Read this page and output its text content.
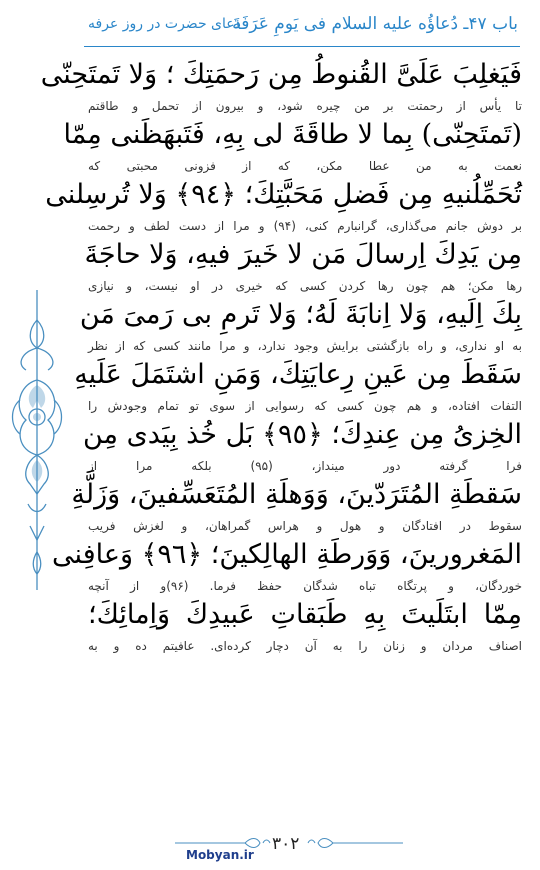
باب ۴۷ـ دُعاؤُه عليه السلام فى يَومِ عَرَفَةَ
دعای حضرت در روز عرفه
فَيَغلِبَ عَلَىَّ القُنوطُ مِن رَحمَتِكَ ؛ وَلا تَمتَحِنّى
تا يأس از رحمتت بر من چيره شود، و بيرون از تحمل و طاقتم
(تَمتَحِنّى) بِما لا طاقَةَ لى بِهِ، فَتَبهَظَنى مِمّا
نعمت به من عطا مكن، كه از فزونى محبتى كه
تُحَمِّلُنيهِ مِن فَضلِ مَحَبَّتِكَ؛ ﴿٩٤﴾ وَلا تُرسِلنى
بر دوش جانم مى‌گذارى، گرانبارم كنى، (۹۴) و مرا از دست لطف و رحمت
مِن يَدِكَ اِرسالَ مَن لا خَيرَ فيهِ، وَلا حاجَةَ
رها مكن؛ هم چون رها كردن كسى كه خيرى در او نيست، و نيازى
بِكَ اِلَيهِ، وَلا اِنابَةَ لَهُ؛ وَلا تَرمِ بى رَمىَ مَن
به او ندارى، و راه بازگشتى برايش وجود ندارد، و مرا مانند كسى كه از نظر
سَقَطَ مِن عَينِ رِعايَتِكَ، وَمَنِ اشتَمَلَ عَلَيهِ
التفات افتاده، و هم چون كسى كه رسوايى از سوى تو تمام وجودش را
الخِزىُ مِن عِندِكَ؛ ﴿٩٥﴾ بَل خُذ بِيَدى مِن
فرا گرفته دور مينداز، (۹۵) بلكه مرا از
سَقطَةِ المُتَرَدّينَ، وَوَهلَةِ المُتَعَسِّفينَ، وَزَلَّةِ
سقوط در افتادگان و هول و هراس گمراهان، و لغزش فريب
المَغرورينَ، وَوَرطَةِ الهالِكينَ؛ ﴿٩٦﴾ وَعافِنى
خوردگان، و پرتگاه تباه شدگان حفظ فرما. (۹۶)و از آنچه
مِمّا ابتَلَيتَ بِهِ طَبَقاتِ عَبيدِكَ وَاِمائِكَ؛
اصناف مردان و زنان را به آن دچار كرده‌اى. عافيتم ده و به
٣٠٢
Mobyan.ir
